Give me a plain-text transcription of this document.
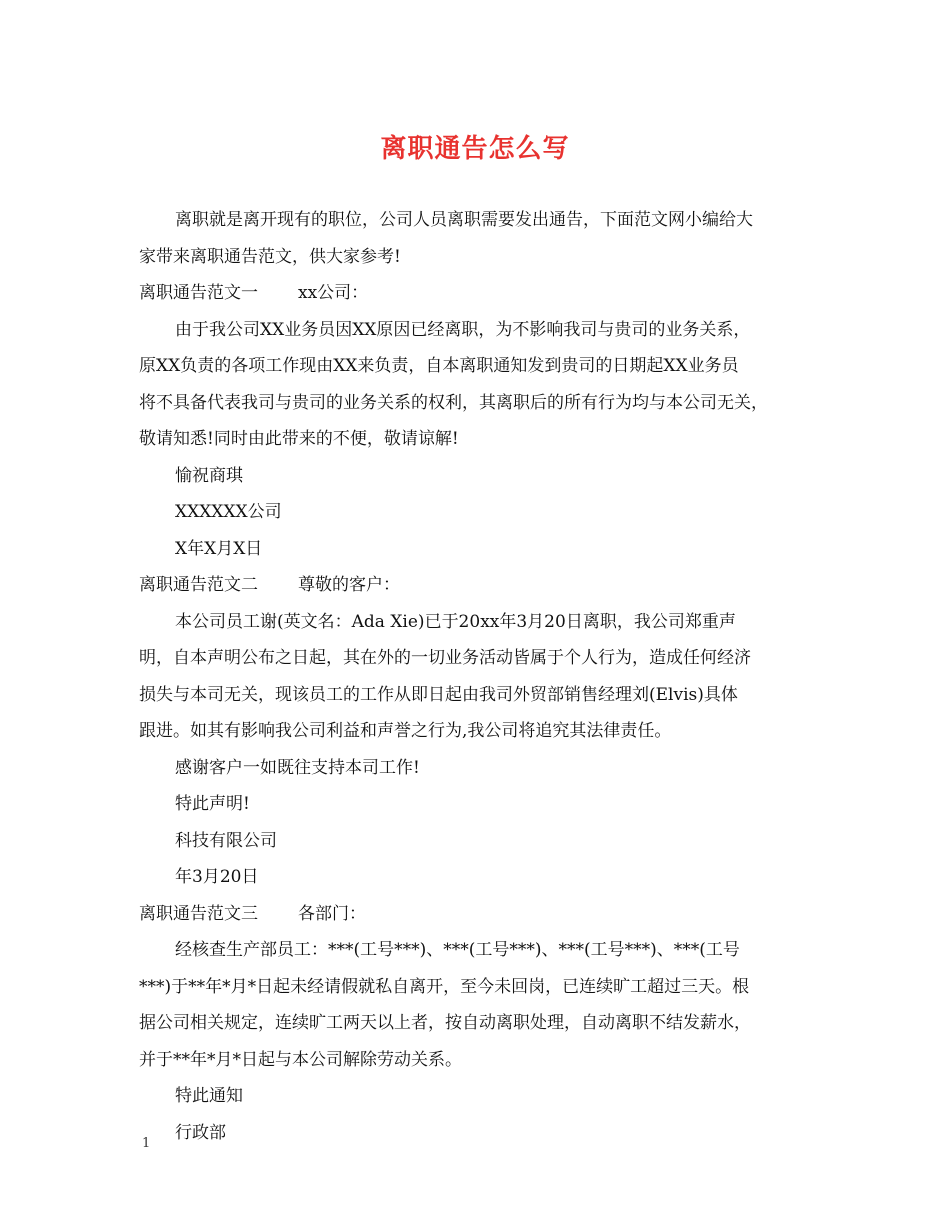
离职通告怎么写
离职就是离开现有的职位，公司人员离职需要发出通告，下面范文网小编给大
家带来离职通告范文，供大家参考!
离职通告范文一 xx公司：
由于我公司XX业务员因XX原因已经离职，为不影响我司与贵司的业务关系，
原XX负责的各项工作现由XX来负责，自本离职通知发到贵司的日期起XX业务员
将不具备代表我司与贵司的业务关系的权利，其离职后的所有行为均与本公司无关，
敬请知悉!同时由此带来的不便，敬请谅解!
愉祝商琪
XXXXXX公司
X年X月X日
离职通告范文二 尊敬的客户：
本公司员工谢(英文名：Ada Xie)已于20xx年3月20日离职，我公司郑重声
明，自本声明公布之日起，其在外的一切业务活动皆属于个人行为，造成任何经济
损失与本司无关，现该员工的工作从即日起由我司外贸部销售经理刘(Elvis)具体
跟进。如其有影响我公司利益和声誉之行为,我公司将追究其法律责任。
感谢客户一如既往支持本司工作!
特此声明!
科技有限公司
年3月20日
离职通告范文三 各部门：
经核查生产部员工：***(工号***)、***(工号***)、***(工号***)、***(工号
***)于**年*月*日起未经请假就私自离开，至今未回岗，已连续旷工超过三天。根
据公司相关规定，连续旷工两天以上者，按自动离职处理，自动离职不结发薪水，
并于**年*月*日起与本公司解除劳动关系。
特此通知
行政部
1
